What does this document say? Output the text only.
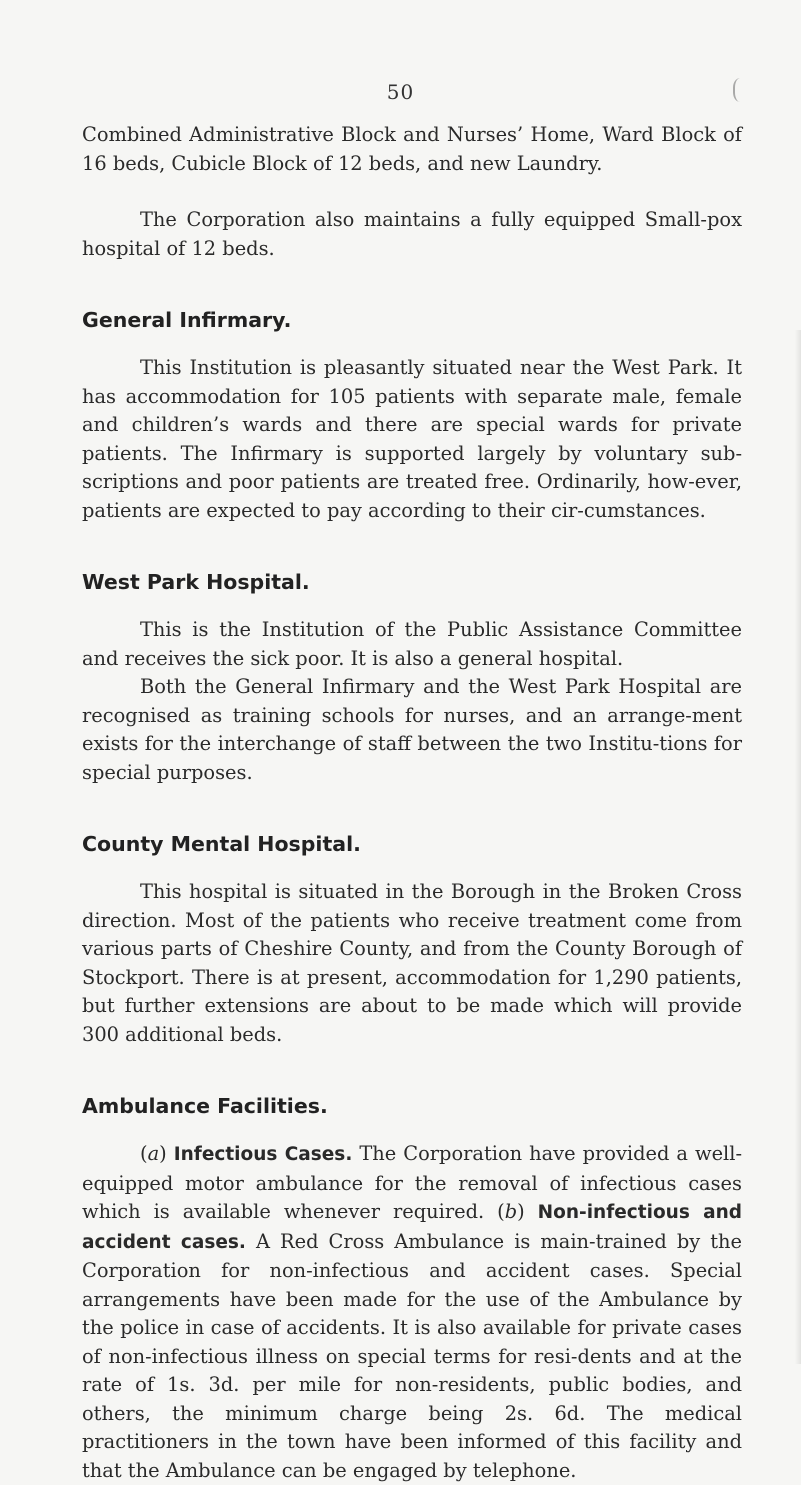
50

Combined Administrative Block and Nurses’ Home, Ward Block of 16 beds, Cubicle Block of 12 beds, and new Laundry.

The Corporation also maintains a fully equipped Small-pox hospital of 12 beds.

General Infirmary.

This Institution is pleasantly situated near the West Park. It has accommodation for 105 patients with separate male, female and children’s wards and there are special wards for private patients. The Infirmary is supported largely by voluntary sub-scriptions and poor patients are treated free. Ordinarily, how-ever, patients are expected to pay according to their cir-cumstances.

West Park Hospital.

This is the Institution of the Public Assistance Committee and receives the sick poor. It is also a general hospital.

Both the General Infirmary and the West Park Hospital are recognised as training schools for nurses, and an arrange-ment exists for the interchange of staff between the two Institu-tions for special purposes.

County Mental Hospital.

This hospital is situated in the Borough in the Broken Cross direction. Most of the patients who receive treatment come from various parts of Cheshire County, and from the County Borough of Stockport. There is at present, accommodation for 1,290 patients, but further extensions are about to be made which will provide 300 additional beds.

Ambulance Facilities.

(a) Infectious Cases. The Corporation have provided a well-equipped motor ambulance for the removal of infectious cases which is available whenever required. (b) Non-infectious and accident cases. A Red Cross Ambulance is main-trained by the Corporation for non-infectious and accident cases. Special arrangements have been made for the use of the Ambulance by the police in case of accidents. It is also available for private cases of non-infectious illness on special terms for resi-dents and at the rate of 1s. 3d. per mile for non-residents, public bodies, and others, the minimum charge being 2s. 6d. The medical practitioners in the town have been informed of this facility and that the Ambulance can be engaged by telephone.
